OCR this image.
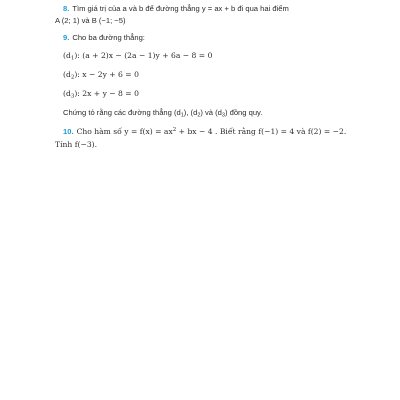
8. Tìm giá trị của a và b để đường thẳng y = ax + b đi qua hai điểm
A (2; 1) và B (−1; −5)
9. Cho ba đường thẳng:
$(d_1)$: (a + 2)x − (2a − 1)y + 6a − 8 = 0
$(d_2)$: x − 2y + 6 = 0
$(d_3)$: 2x + y − 8 = 0
Chứng tỏ rằng các đường thẳng $(d_1)$, $(d_2)$ và $(d_3)$ đồng quy.
10. Cho hàm số $y = f(x) = ax^2$ + bx − 4 . Biết rằng f(−1) = 4 và f(2) = −2.
Tính f(−3).
